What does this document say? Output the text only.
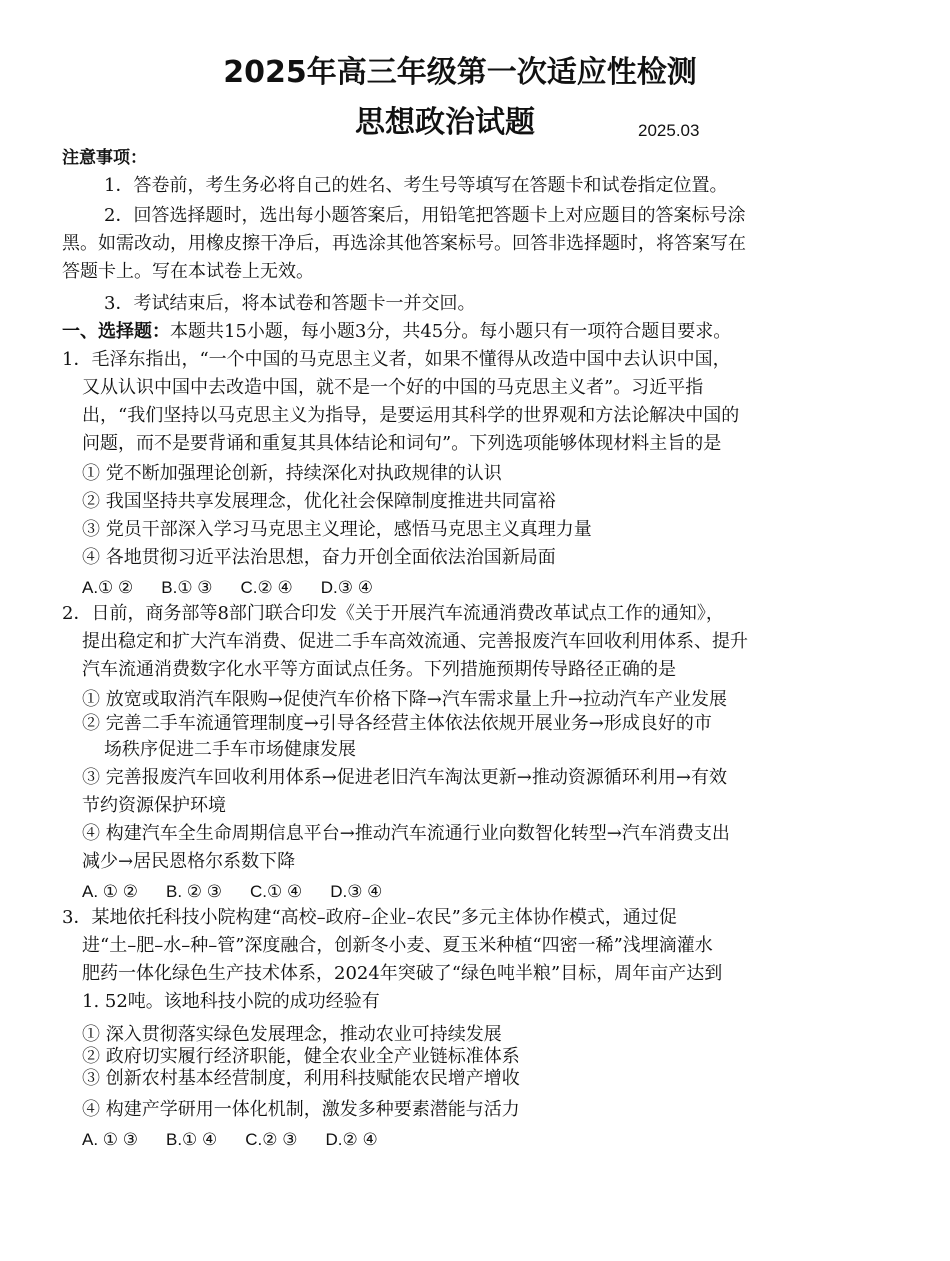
2025年高三年级第一次适应性检测
思想政治试题	2025.03
注意事项：
1．答卷前，考生务必将自己的姓名、考生号等填写在答题卡和试卷指定位置。
2．回答选择题时，选出每小题答案后，用铅笔把答题卡上对应题目的答案标号涂
黑。如需改动，用橡皮擦干净后，再选涂其他答案标号。回答非选择题时，将答案写在
答题卡上。写在本试卷上无效。
3．考试结束后，将本试卷和答题卡一并交回。
一、选择题：本题共15小题，每小题3分，共45分。每小题只有一项符合题目要求。
1．毛泽东指出，“一个中国的马克思主义者，如果不懂得从改造中国中去认识中国，
又从认识中国中去改造中国，就不是一个好的中国的马克思主义者”。习近平指
出，“我们坚持以马克思主义为指导，是要运用其科学的世界观和方法论解决中国的
问题，而不是要背诵和重复其具体结论和词句”。下列选项能够体现材料主旨的是
① 党不断加强理论创新，持续深化对执政规律的认识
② 我国坚持共享发展理念，优化社会保障制度推进共同富裕
③ 党员干部深入学习马克思主义理论，感悟马克思主义真理力量
④ 各地贯彻习近平法治思想，奋力开创全面依法治国新局面
A.① ② B.① ③ C.② ④ D.③ ④
2．日前，商务部等8部门联合印发《关于开展汽车流通消费改革试点工作的通知》，
提出稳定和扩大汽车消费、促进二手车高效流通、完善报废汽车回收利用体系、提升
汽车流通消费数字化水平等方面试点任务。下列措施预期传导路径正确的是
① 放宽或取消汽车限购→促使汽车价格下降→汽车需求量上升→拉动汽车产业发展
② 完善二手车流通管理制度→引导各经营主体依法依规开展业务→形成良好的市
场秩序促进二手车市场健康发展
③ 完善报废汽车回收利用体系→促进老旧汽车淘汰更新→推动资源循环利用→有效
节约资源保护环境
④ 构建汽车全生命周期信息平台→推动汽车流通行业向数智化转型→汽车消费支出
减少→居民恩格尔系数下降
A. ① ② B. ② ③ C.① ④ D.③ ④
3．某地依托科技小院构建“高校–政府–企业–农民”多元主体协作模式，通过促
进“土–肥–水–种–管”深度融合，创新冬小麦、夏玉米种植“四密一稀”浅埋滴灌水
肥药一体化绿色生产技术体系，2024年突破了“绿色吨半粮”目标，周年亩产达到
1. 52吨。该地科技小院的成功经验有
① 深入贯彻落实绿色发展理念，推动农业可持续发展
② 政府切实履行经济职能，健全农业全产业链标准体系
③ 创新农村基本经营制度，利用科技赋能农民增产增收
④ 构建产学研用一体化机制，激发多种要素潜能与活力
A. ① ③ B.① ④ C.② ③ D.② ④
